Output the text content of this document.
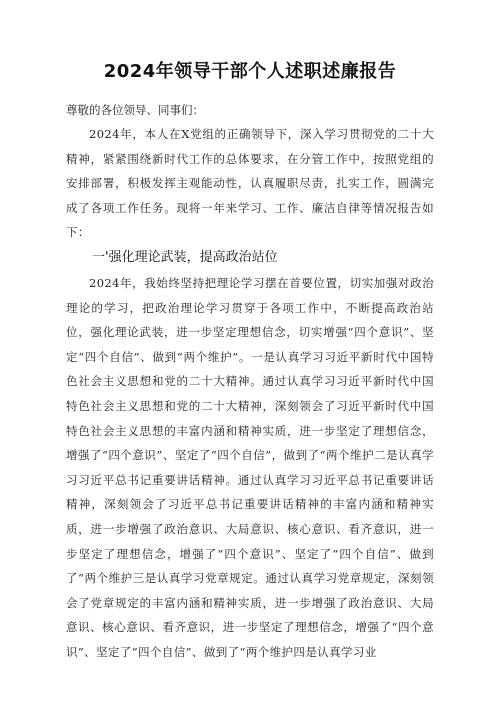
2024年领导干部个人述职述廉报告

尊敬的各位领导、同事们：

2024年，本人在X党组的正确领导下，深入学习贯彻党的二十大精神，紧紧围绕新时代工作的总体要求，在分管工作中，按照党组的安排部署，积极发挥主观能动性，认真履职尽责，扎实工作，圆满完成了各项工作任务。现将一年来学习、工作、廉洁自律等情况报告如下：

一'强化理论武装，提高政治站位

2024年，我始终坚持把理论学习摆在首要位置，切实加强对政治理论的学习，把政治理论学习贯穿于各项工作中，不断提高政治站位，强化理论武装，进一步坚定理想信念，切实增强“四个意识”、坚定“四个自信”、做到“两个维护”。一是认真学习习近平新时代中国特色社会主义思想和党的二十大精神。通过认真学习习近平新时代中国特色社会主义思想和党的二十大精神，深刻领会了习近平新时代中国特色社会主义思想的丰富内涵和精神实质，进一步坚定了理想信念，增强了“四个意识”、坚定了“四个自信”，做到了“两个维护二是认真学习习近平总书记重要讲话精神。通过认真学习习近平总书记重要讲话精神，深刻领会了习近平总书记重要讲话精神的丰富内涵和精神实质，进一步增强了政治意识、大局意识、核心意识、看齐意识，进一步坚定了理想信念，增强了“四个意识”、坚定了“四个自信”、做到了“两个维护三是认真学习党章规定。通过认真学习党章规定，深刻领会了党章规定的丰富内涵和精神实质，进一步增强了政治意识、大局意识、核心意识、看齐意识，进一步坚定了理想信念，增强了“四个意识”、坚定了“四个自信”、做到了“两个维护四是认真学习业
